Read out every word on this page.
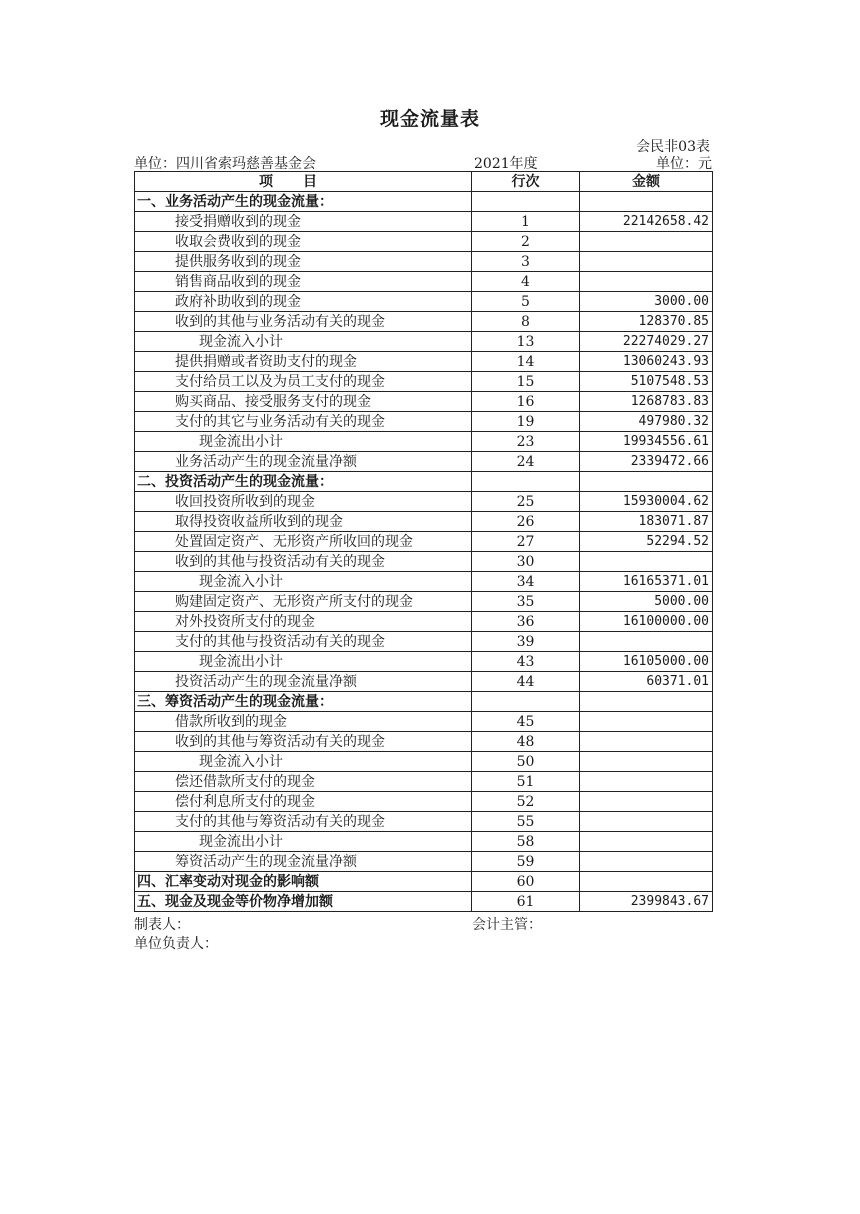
现金流量表
会民非03表
单位：四川省索玛慈善基金会	2021年度	单位：元
项目	行次	金额
一、业务活动产生的现金流量：		
接受捐赠收到的现金	1	22142658.42
收取会费收到的现金	2	
提供服务收到的现金	3	
销售商品收到的现金	4	
政府补助收到的现金	5	3000.00
收到的其他与业务活动有关的现金	8	128370.85
现金流入小计	13	22274029.27
提供捐赠或者资助支付的现金	14	13060243.93
支付给员工以及为员工支付的现金	15	5107548.53
购买商品、接受服务支付的现金	16	1268783.83
支付的其它与业务活动有关的现金	19	497980.32
现金流出小计	23	19934556.61
业务活动产生的现金流量净额	24	2339472.66
二、投资活动产生的现金流量：		
收回投资所收到的现金	25	15930004.62
取得投资收益所收到的现金	26	183071.87
处置固定资产、无形资产所收回的现金	27	52294.52
收到的其他与投资活动有关的现金	30	
现金流入小计	34	16165371.01
购建固定资产、无形资产所支付的现金	35	5000.00
对外投资所支付的现金	36	16100000.00
支付的其他与投资活动有关的现金	39	
现金流出小计	43	16105000.00
投资活动产生的现金流量净额	44	60371.01
三、筹资活动产生的现金流量：		
借款所收到的现金	45	
收到的其他与筹资活动有关的现金	48	
现金流入小计	50	
偿还借款所支付的现金	51	
偿付利息所支付的现金	52	
支付的其他与筹资活动有关的现金	55	
现金流出小计	58	
筹资活动产生的现金流量净额	59	
四、汇率变动对现金的影响额	60	
五、现金及现金等价物净增加额	61	2399843.67
制表人：	会计主管：
单位负责人：
